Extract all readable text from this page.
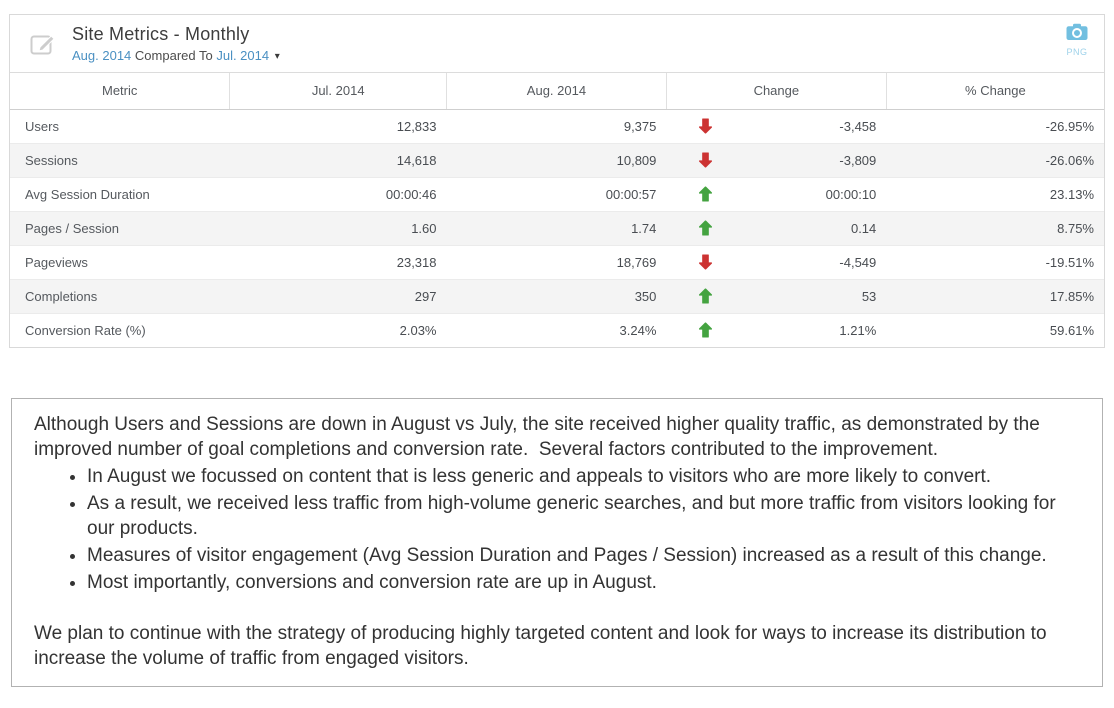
Site Metrics - Monthly
Aug. 2014 Compared To Jul. 2014 ▾	PNG
Metric	Jul. 2014	Aug. 2014	Change	% Change
Users	12,833	9,375	-3,458	-26.95%
Sessions	14,618	10,809	-3,809	-26.06%
Avg Session Duration	00:00:46	00:00:57	00:00:10	23.13%
Pages / Session	1.60	1.74	0.14	8.75%
Pageviews	23,318	18,769	-4,549	-19.51%
Completions	297	350	53	17.85%
Conversion Rate (%)	2.03%	3.24%	1.21%	59.61%

Although Users and Sessions are down in August vs July, the site received higher quality traffic, as demonstrated by the improved number of goal completions and conversion rate.  Several factors contributed to the improvement.

• In August we focussed on content that is less generic and appeals to visitors who are more likely to convert.
• As a result, we received less traffic from high-volume generic searches, and but more traffic from visitors looking for our products.
• Measures of visitor engagement (Avg Session Duration and Pages / Session) increased as a result of this change.
• Most importantly, conversions and conversion rate are up in August.

We plan to continue with the strategy of producing highly targeted content and look for ways to increase its distribution to increase the volume of traffic from engaged visitors.
